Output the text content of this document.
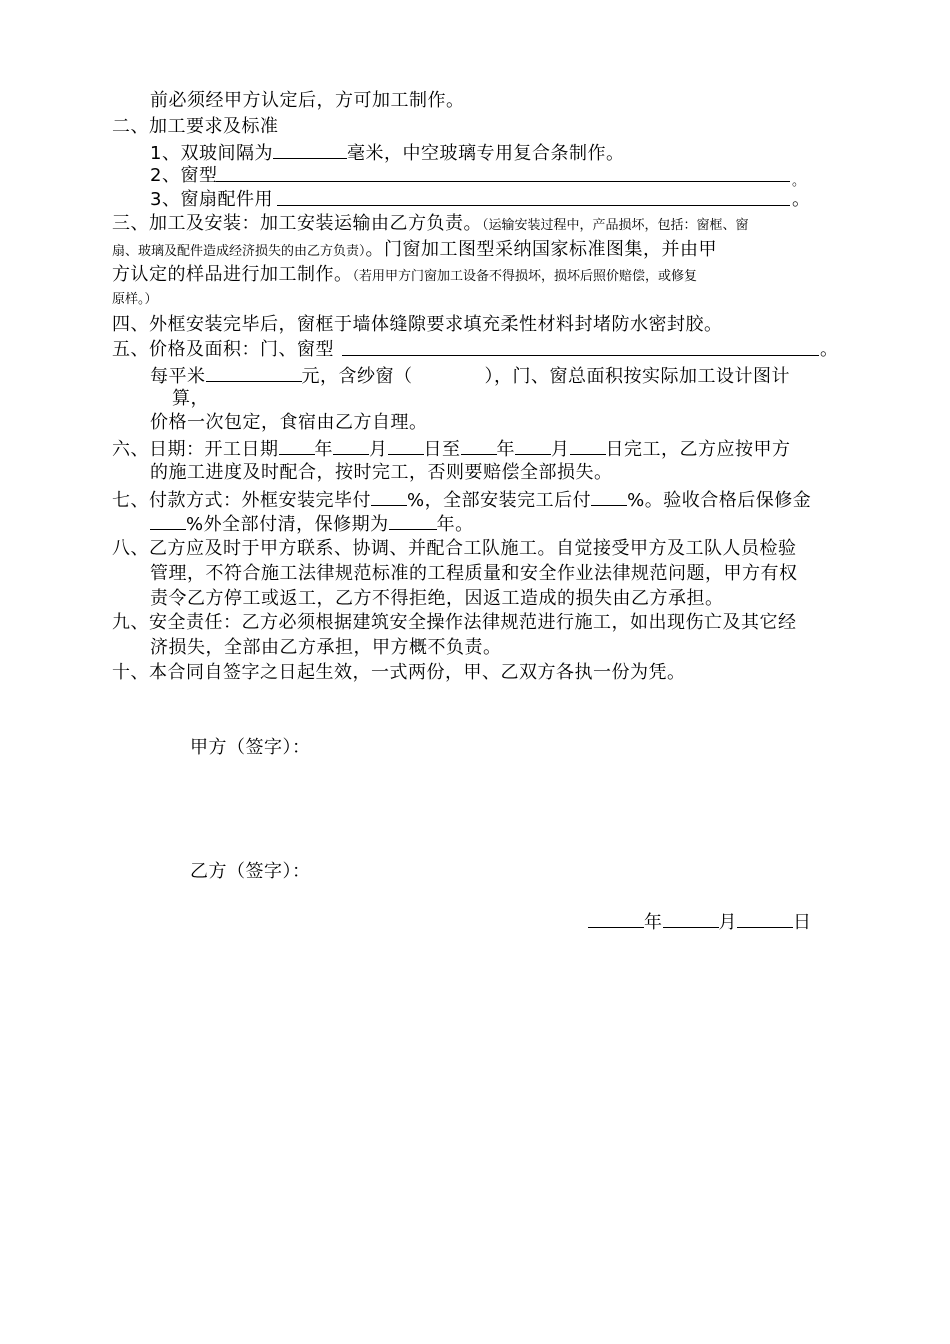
前必须经甲方认定后，方可加工制作。
二、加工要求及标准
1、双玻间隔为	毫米，中空玻璃专用复合条制作。
2、窗型	。
3、窗扇配件用	。
三、加工及安装：加工安装运输由乙方负责。（运输安装过程中，产品损坏，包括：窗框、窗
扇、玻璃及配件造成经济损失的由乙方负责）。门窗加工图型采纳国家标准图集，并由甲
方认定的样品进行加工制作。（若用甲方门窗加工设备不得损坏，损坏后照价赔偿，或修复
原样。）
四、外框安装完毕后，窗框于墙体缝隙要求填充柔性材料封堵防水密封胶。
五、价格及面积：门、窗型	。
每平米	元，含纱窗（	），门、窗总面积按实际加工设计图计
算，
价格一次包定，食宿由乙方自理。
六、日期：开工日期 年 月 日至 年 月 日完工，乙方应按甲方
的施工进度及时配合，按时完工，否则要赔偿全部损失。
七、付款方式：外框安装完毕付 %，全部安装完工后付 %。验收合格后保修金
%外全部付清，保修期为	年。
八、乙方应及时于甲方联系、协调、并配合工队施工。自觉接受甲方及工队人员检验
管理，不符合施工法律规范标准的工程质量和安全作业法律规范问题，甲方有权
责令乙方停工或返工，乙方不得拒绝，因返工造成的损失由乙方承担。
九、安全责任：乙方必须根据建筑安全操作法律规范进行施工，如出现伤亡及其它经
济损失，全部由乙方承担，甲方概不负责。
十、本合同自签字之日起生效，一式两份，甲、乙双方各执一份为凭。
甲方（签字）：
乙方（签字）：
年	月	日
